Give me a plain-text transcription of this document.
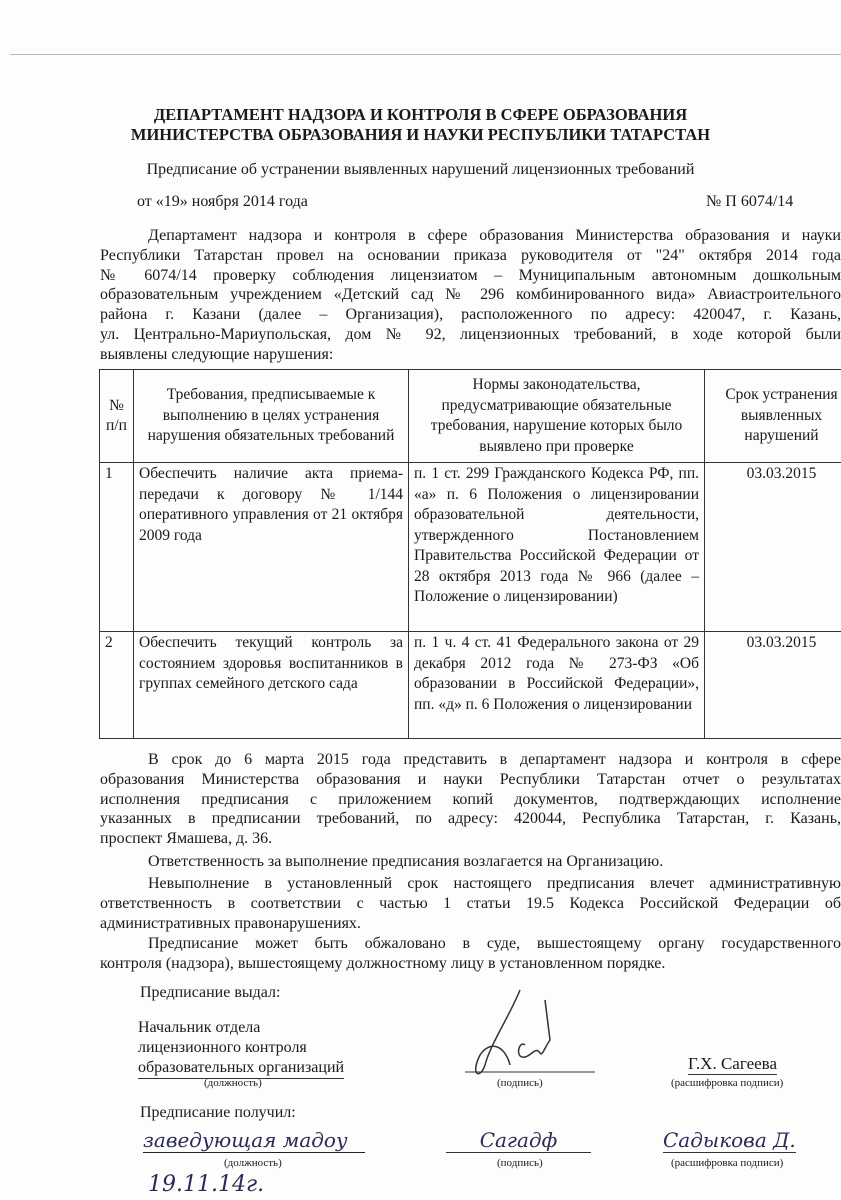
ДЕПАРТАМЕНТ НАДЗОРА И КОНТРОЛЯ В СФЕРЕ ОБРАЗОВАНИЯ
МИНИСТЕРСТВА ОБРАЗОВАНИЯ И НАУКИ РЕСПУБЛИКИ ТАТАРСТАН
Предписание об устранении выявленных нарушений лицензионных требований
от «19» ноября 2014 года	№ П 6074/14
Департамент надзора и контроля в сфере образования Министерства образования и науки
Республики Татарстан провел на основании приказа руководителя от "24" октября 2014 года
№ 6074/14 проверку соблюдения лицензиатом – Муниципальным автономным дошкольным
образовательным учреждением «Детский сад № 296 комбинированного вида» Авиастроительного
района г. Казани (далее – Организация), расположенного по адресу: 420047, г. Казань,
ул. Центрально-Мариупольская, дом № 92, лицензионных требований, в ходе которой были
выявлены следующие нарушения:
№ п/п	Требования, предписываемые к выполнению в целях устранения нарушения обязательных требований	Нормы законодательства, предусматривающие обязательные требования, нарушение которых было выявлено при проверке	Срок устранения выявленных нарушений
1	Обеспечить наличие акта приема-передачи к договору № 1/144 оперативного управления от 21 октября 2009 года	п. 1 ст. 299 Гражданского Кодекса РФ, пп. «а» п. 6 Положения о лицензировании образовательной деятельности, утвержденного Постановлением Правительства Российской Федерации от 28 октября 2013 года № 966 (далее – Положение о лицензировании)	03.03.2015
2	Обеспечить текущий контроль за состоянием здоровья воспитанников в группах семейного детского сада	п. 1 ч. 4 ст. 41 Федерального закона от 29 декабря 2012 года № 273-ФЗ «Об образовании в Российской Федерации», пп. «д» п. 6 Положения о лицензировании	03.03.2015
В срок до 6 марта 2015 года представить в департамент надзора и контроля в сфере
образования Министерства образования и науки Республики Татарстан отчет о результатах
исполнения предписания с приложением копий документов, подтверждающих исполнение
указанных в предписании требований, по адресу: 420044, Республика Татарстан, г. Казань,
проспект Ямашева, д. 36.
Ответственность за выполнение предписания возлагается на Организацию.
Невыполнение в установленный срок настоящего предписания влечет административную
ответственность в соответствии с частью 1 статьи 19.5 Кодекса Российской Федерации об
административных правонарушениях.
Предписание может быть обжаловано в суде, вышестоящему органу государственного
контроля (надзора), вышестоящему должностному лицу в установленном порядке.
Предписание выдал:
Начальник отдела
лицензионного контроля
образовательных организаций
(должность)	(подпись)
Г.Х. Сагеева
(расшифровка подписи)
Предписание получил:
заведующая мадоу
(должность)
Сагадф
(подпись)
Садыкова Д.
(расшифровка подписи)
19.11.14г.
